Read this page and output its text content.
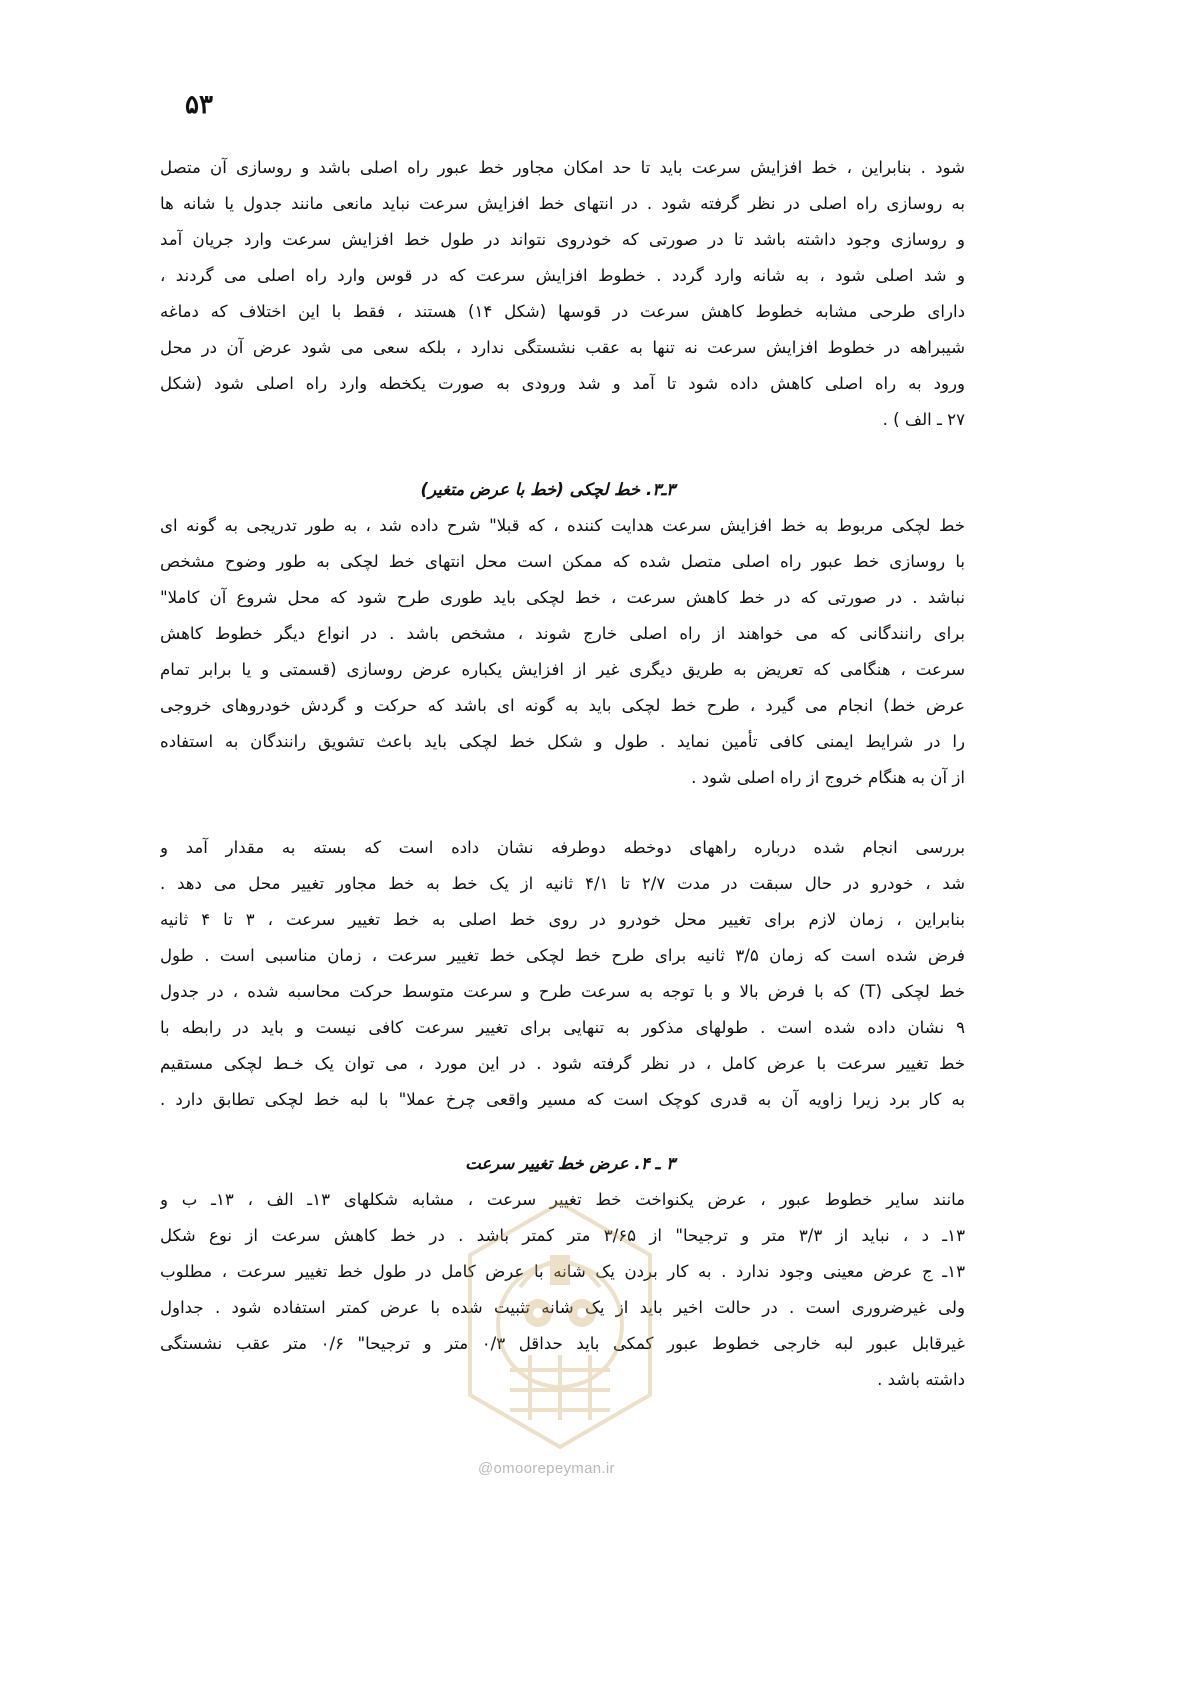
۵۳
شود . بنابراین ، خط افزایش سرعت باید تا حد امکان مجاور خط عبور راه اصلی باشد و روسازی آن متصل
به روسازی راه اصلی در نظر گرفته شود . در انتهای خط افزایش سرعت نباید مانعی مانند جدول یا شانه ها
و روسازی وجود داشته باشد تا در صورتی که خودروی نتواند در طول خط افزایش سرعت وارد جریان آمد
و شد اصلی شود ، به شانه وارد گردد . خطوط افزایش سرعت که در قوس وارد راه اصلی می گردند ،
دارای طرحی مشابه خطوط کاهش سرعت در قوسها (شکل ۱۴) هستند ، فقط با این اختلاف که دماغه
شیبراهه در خطوط افزایش سرعت نه تنها به عقب نشستگی ندارد ، بلکه سعی می شود عرض آن در محل
ورود به راه اصلی کاهش داده شود تا آمد و شد ورودی به صورت یکخطه وارد راه اصلی شود (شکل
۲۷ ـ الف ) .
۳ـ۳. خط لچکی (خط با عرض متغیر)
خط لچکی مربوط به خط افزایش سرعت هدایت کننده ، که قبلا" شرح داده شد ، به طور تدریجی به گونه ای
با روسازی خط عبور راه اصلی متصل شده که ممکن است محل انتهای خط لچکی به طور وضوح مشخص
نباشد . در صورتی که در خط کاهش سرعت ، خط لچکی باید طوری طرح شود که محل شروع آن کاملا"
برای رانندگانی که می خواهند از راه اصلی خارج شوند ، مشخص باشد . در انواع دیگر خطوط کاهش
سرعت ، هنگامی که تعریض به طریق دیگری غیر از افزایش یکباره عرض روسازی (قسمتی و یا برابر تمام
عرض خط) انجام می گیرد ، طرح خط لچکی باید به گونه ای باشد که حرکت و گردش خودروهای خروجی
را در شرایط ایمنی کافی تأمین نماید . طول و شکل خط لچکی باید باعث تشویق رانندگان به استفاده
از آن به هنگام خروج از راه اصلی شود .
بررسی انجام شده درباره راههای دوخطه دوطرفه نشان داده است که بسته به مقدار آمد و
شد ، خودرو در حال سبقت در مدت ۲/۷ تا ۴/۱ ثانیه از یک خط به خط مجاور تغییر محل می دهد .
بنابراین ، زمان لازم برای تغییر محل خودرو در روی خط اصلی به خط تغییر سرعت ، ۳ تا ۴ ثانیه
فرض شده است که زمان ۳/۵ ثانیه برای طرح خط لچکی خط تغییر سرعت ، زمان مناسبی است . طول
خط لچکی (T) که با فرض بالا و با توجه به سرعت طرح و سرعت متوسط حرکت محاسبه شده ، در جدول
۹ نشان داده شده است . طولهای مذکور به تنهایی برای تغییر سرعت کافی نیست و باید در رابطه با
خط تغییر سرعت با عرض کامل ، در نظر گرفته شود . در این مورد ، می توان یک خـط لچکی مستقیم
به کار برد زیرا زاویه آن به قدری کوچک است که مسیر واقعی چرخ عملا" با لبه خط لچکی تطابق دارد .
۳ ـ ۴. عرض خط تغییر سرعت
مانند سایر خطوط عبور ، عرض یکنواخت خط تغییر سرعت ، مشابه شکلهای ۱۳ـ الف ، ۱۳ـ ب و
۱۳ـ د ، نباید از ۳/۳ متر و ترجیحا" از ۳/۶۵ متر کمتر باشد . در خط کاهش سرعت از نوع شکل
۱۳ـ ج عرض معینی وجود ندارد . به کار بردن یک شانه با عرض کامل در طول خط تغییر سرعت ، مطلوب
ولی غیرضروری است . در حالت اخیر باید از یک شانه تثبیت شده با عرض کمتر استفاده شود . جداول
غیرقابل عبور لبه خارجی خطوط عبور کمکی باید حداقل ۰/۳ متر و ترجیحا" ۰/۶ متر عقب نشستگی
داشته باشد .
@omoorepeyman.ir
